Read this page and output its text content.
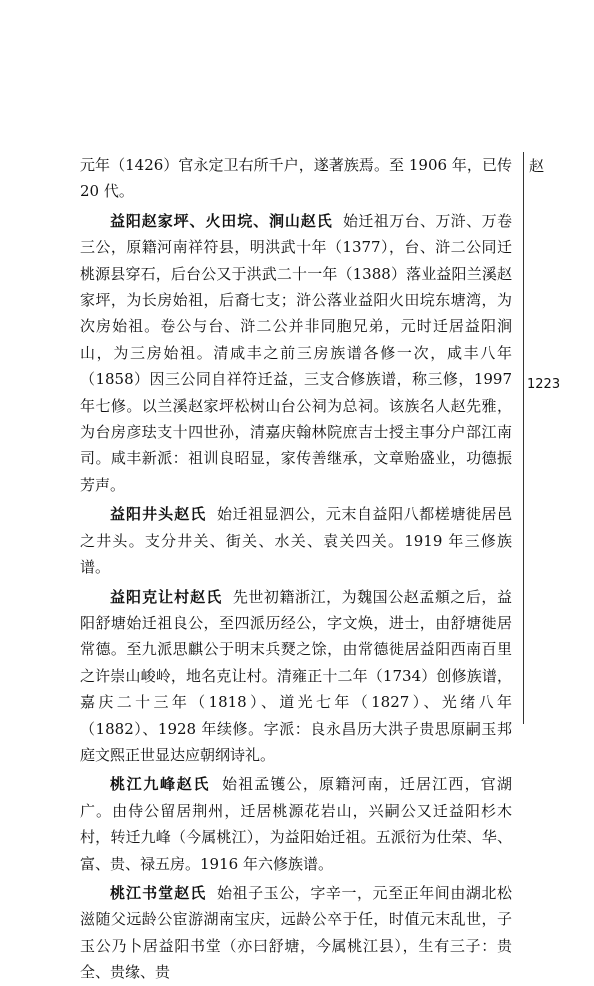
元年（1426）官永定卫右所千户，遂著族焉。至 1906 年，已传 20 代。

益阳赵家坪、火田垸、涧山赵氏 始迁祖万台、万浒、万卷三公，原籍河南祥符县，明洪武十年（1377），台、浒二公同迁桃源县穿石，后台公又于洪武二十一年（1388）落业益阳兰溪赵家坪，为长房始祖，后裔七支；浒公落业益阳火田垸东塘湾，为次房始祖。卷公与台、浒二公并非同胞兄弟，元时迁居益阳涧山，为三房始祖。清咸丰之前三房族谱各修一次，咸丰八年（1858）因三公同自祥符迁益，三支合修族谱，称三修，1997 年七修。以兰溪赵家坪松树山台公祠为总祠。该族名人赵先雅，为台房彦珐支十四世孙，清嘉庆翰林院庶吉士授主事分户部江南司。咸丰新派：祖训良昭显，家传善继承，文章贻盛业，功德振芳声。

益阳井头赵氏 始迁祖显泗公，元末自益阳八都槎塘徙居邑之井头。支分井关、街关、水关、袁关四关。1919 年三修族谱。

益阳克让村赵氏 先世初籍浙江，为魏国公赵孟頫之后，益阳舒塘始迁祖良公，至四派历经公，字文焕，进士，由舒塘徙居常德。至九派思麒公于明末兵燹之馀，由常德徙居益阳西南百里之许崇山峻岭，地名克让村。清雍正十二年（1734）创修族谱，嘉庆二十三年（1818）、道光七年（1827）、光绪八年（1882）、1928 年续修。字派：良永昌历大洪子贵思原嗣玉邦庭文熙正世显达应朝纲诗礼。

桃江九峰赵氏 始祖孟镬公，原籍河南，迁居江西，官湖广。由侍公留居荆州，迁居桃源花岩山，兴嗣公又迁益阳杉木村，转迁九峰（今属桃江），为益阳始迁祖。五派衍为仕荣、华、富、贵、禄五房。1916 年六修族谱。

桃江书堂赵氏 始祖子玉公，字辛一，元至正年间由湖北松滋随父远龄公宦游湖南宝庆，远龄公卒于任，时值元末乱世，子玉公乃卜居益阳书堂（亦曰舒塘，今属桃江县），生有三子：贵全、贵缘、贵

赵
1223
